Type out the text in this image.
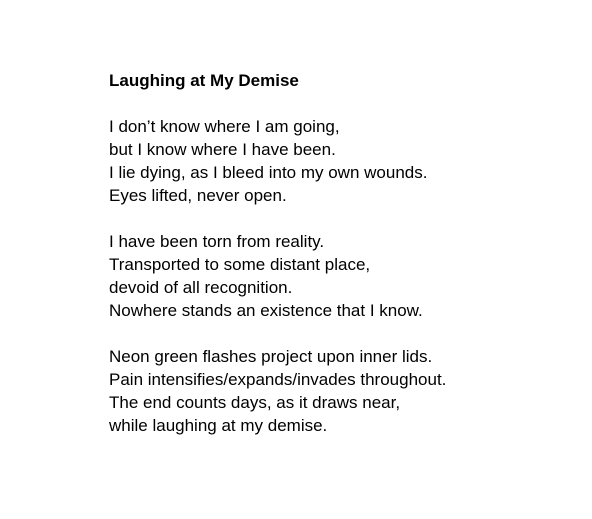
Laughing at My Demise

I don’t know where I am going,
but I know where I have been.
I lie dying, as I bleed into my own wounds.
Eyes lifted, never open.

I have been torn from reality.
Transported to some distant place,
devoid of all recognition.
Nowhere stands an existence that I know.

Neon green flashes project upon inner lids.
Pain intensifies/expands/invades throughout.
The end counts days, as it draws near,
while laughing at my demise.
